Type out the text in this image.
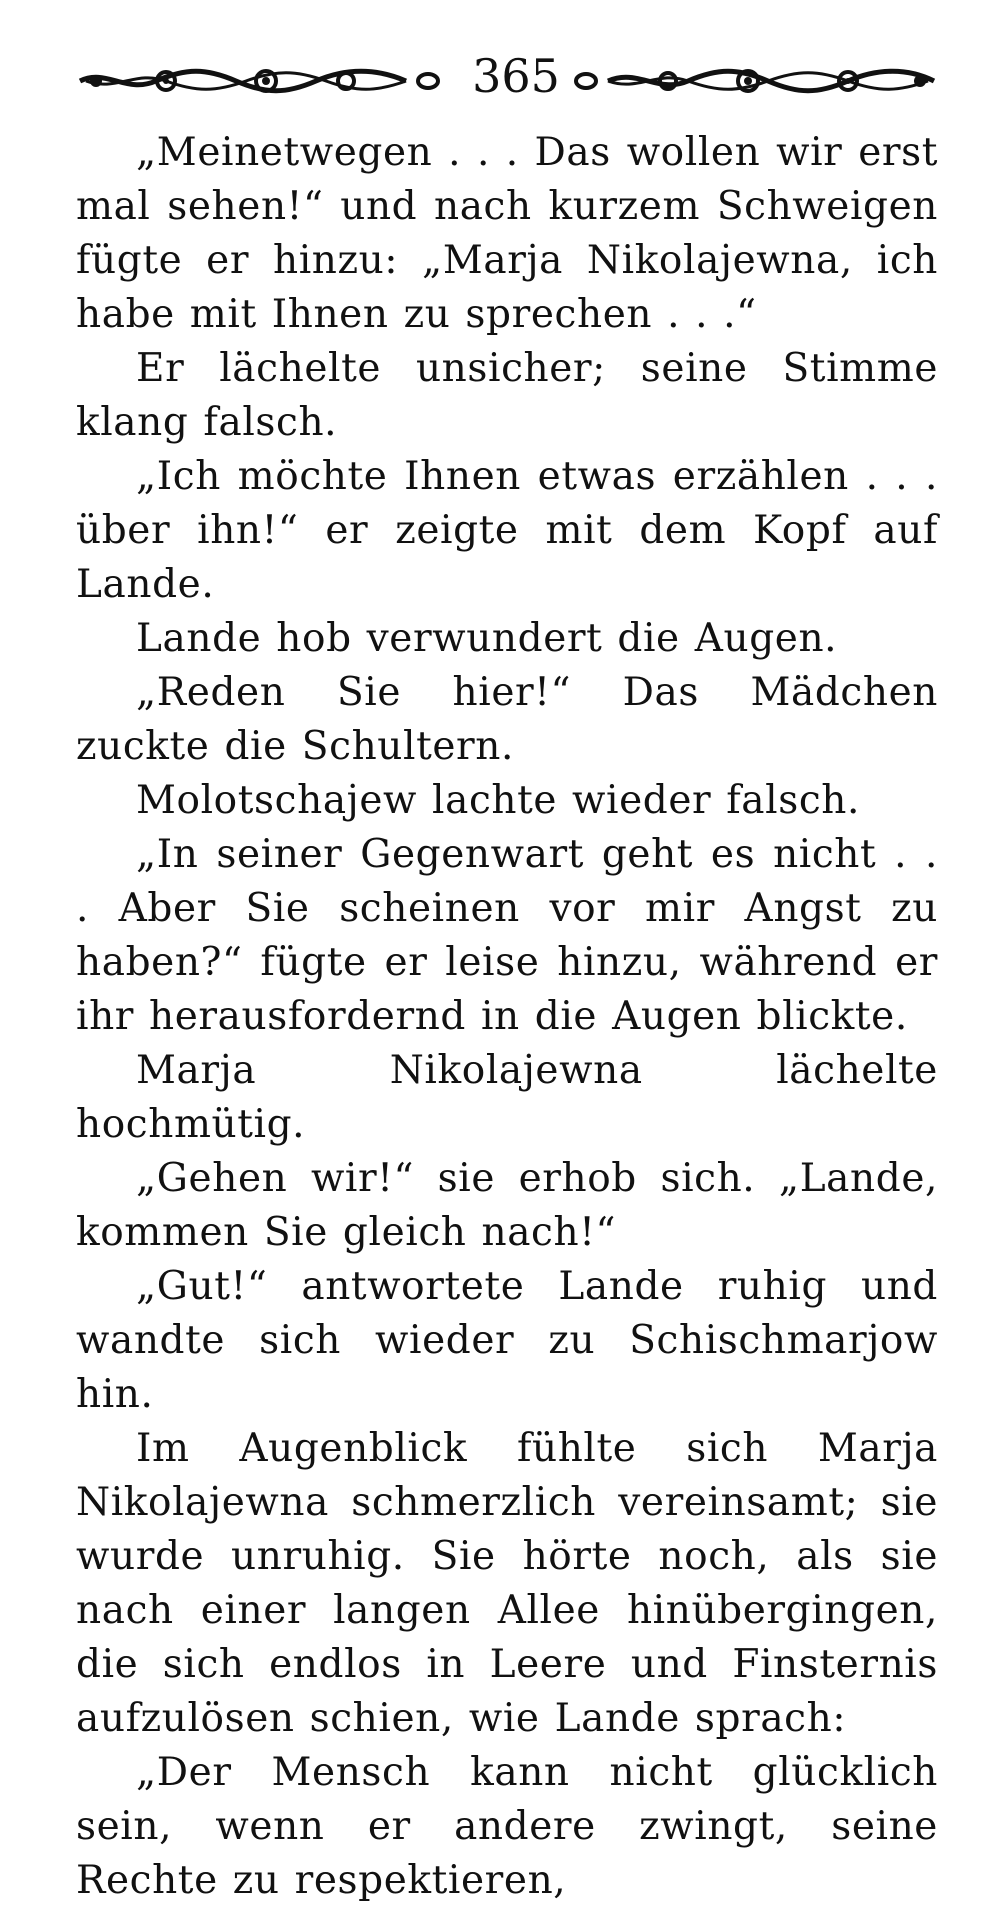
365

„Meinetwegen . . . Das wollen wir erst mal sehen!“ und nach kurzem Schweigen fügte er hinzu: „Marja Nikolajewna, ich habe mit Ihnen zu sprechen . . .“

Er lächelte unsicher; seine Stimme klang falsch.

„Ich möchte Ihnen etwas erzählen . . . über ihn!“ er zeigte mit dem Kopf auf Lande.

Lande hob verwundert die Augen.

„Reden Sie hier!“ Das Mädchen zuckte die Schultern.

Molotschajew lachte wieder falsch.

„In seiner Gegenwart geht es nicht . . . Aber Sie scheinen vor mir Angst zu haben?“ fügte er leise hinzu, während er ihr herausfordernd in die Augen blickte.

Marja Nikolajewna lächelte hochmütig.

„Gehen wir!“ sie erhob sich. „Lande, kommen Sie gleich nach!“

„Gut!“ antwortete Lande ruhig und wandte sich wieder zu Schischmarjow hin.

Im Augenblick fühlte sich Marja Nikolajewna schmerzlich vereinsamt; sie wurde unruhig. Sie hörte noch, als sie nach einer langen Allee hinübergingen, die sich endlos in Leere und Finsternis aufzulösen schien, wie Lande sprach:

„Der Mensch kann nicht glücklich sein, wenn er andere zwingt, seine Rechte zu respektieren,
